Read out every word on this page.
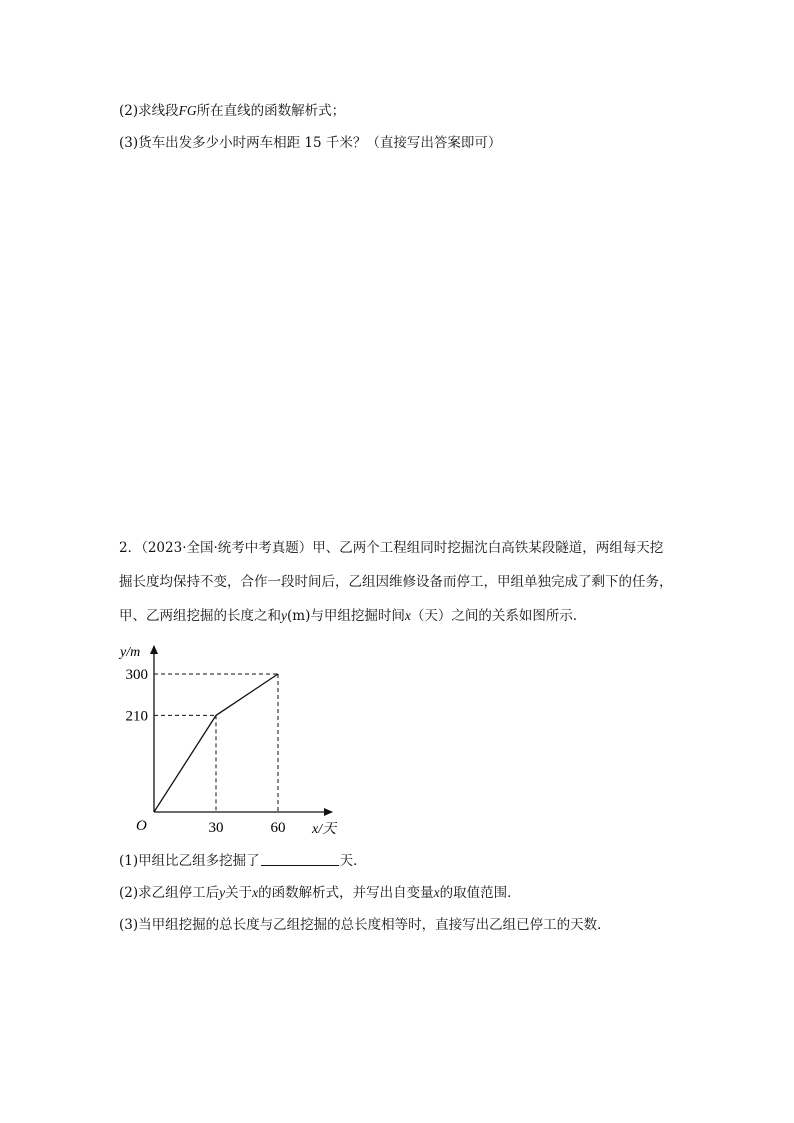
(2)求线段FG所在直线的函数解析式；
(3)货车出发多少小时两车相距 15 千米？（直接写出答案即可）
2．（2023·全国·统考中考真题）甲、乙两个工程组同时挖掘沈白高铁某段隧道，两组每天挖
掘长度均保持不变，合作一段时间后，乙组因维修设备而停工，甲组单独完成了剩下的任务，
甲、乙两组挖掘的长度之和y(m)与甲组挖掘时间x（天）之间的关系如图所示．
30	60
210
300
y/m
x/天
O
(1)甲组比乙组多挖掘了	天．
(2)求乙组停工后y关于x的函数解析式，并写出自变量x的取值范围．
(3)当甲组挖掘的总长度与乙组挖掘的总长度相等时，直接写出乙组已停工的天数．
